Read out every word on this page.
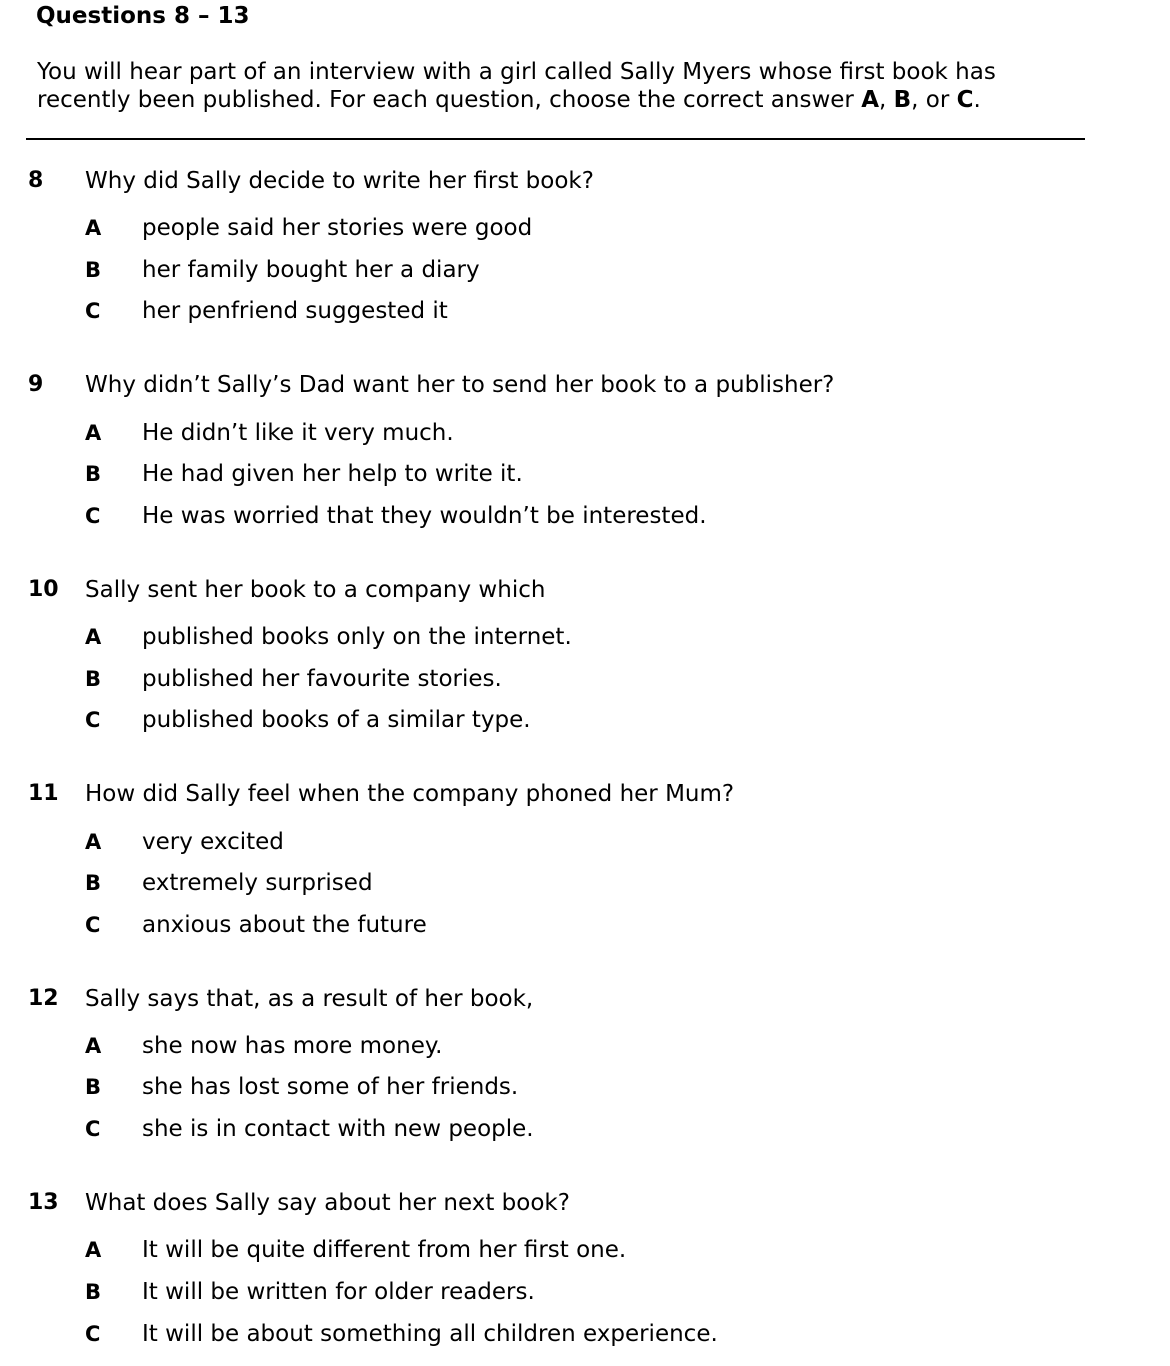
Questions 8 – 13
You will hear part of an interview with a girl called Sally Myers whose first book has recently been published. For each question, choose the correct answer A, B, or C.
8 Why did Sally decide to write her first book?
A people said her stories were good
B her family bought her a diary
C her penfriend suggested it
9 Why didn’t Sally’s Dad want her to send her book to a publisher?
A He didn’t like it very much.
B He had given her help to write it.
C He was worried that they wouldn’t be interested.
10 Sally sent her book to a company which
A published books only on the internet.
B published her favourite stories.
C published books of a similar type.
11 How did Sally feel when the company phoned her Mum?
A very excited
B extremely surprised
C anxious about the future
12 Sally says that, as a result of her book,
A she now has more money.
B she has lost some of her friends.
C she is in contact with new people.
13 What does Sally say about her next book?
A It will be quite different from her first one.
B It will be written for older readers.
C It will be about something all children experience.
